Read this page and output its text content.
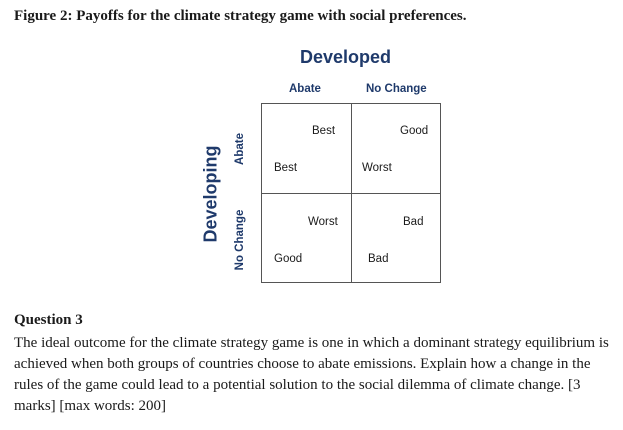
Figure 2: Payoffs for the climate strategy game with social preferences.
Developed
Abate	No Change
Developing Abate
No Change
Best
Best
Good
Worst
Worst
Good
Bad
Bad
Question 3
The ideal outcome for the climate strategy game is one in which a dominant strategy equilibrium is achieved when both groups of countries choose to abate emissions. Explain how a change in the rules of the game could lead to a potential solution to the social dilemma of climate change. [3 marks] [max words: 200]
